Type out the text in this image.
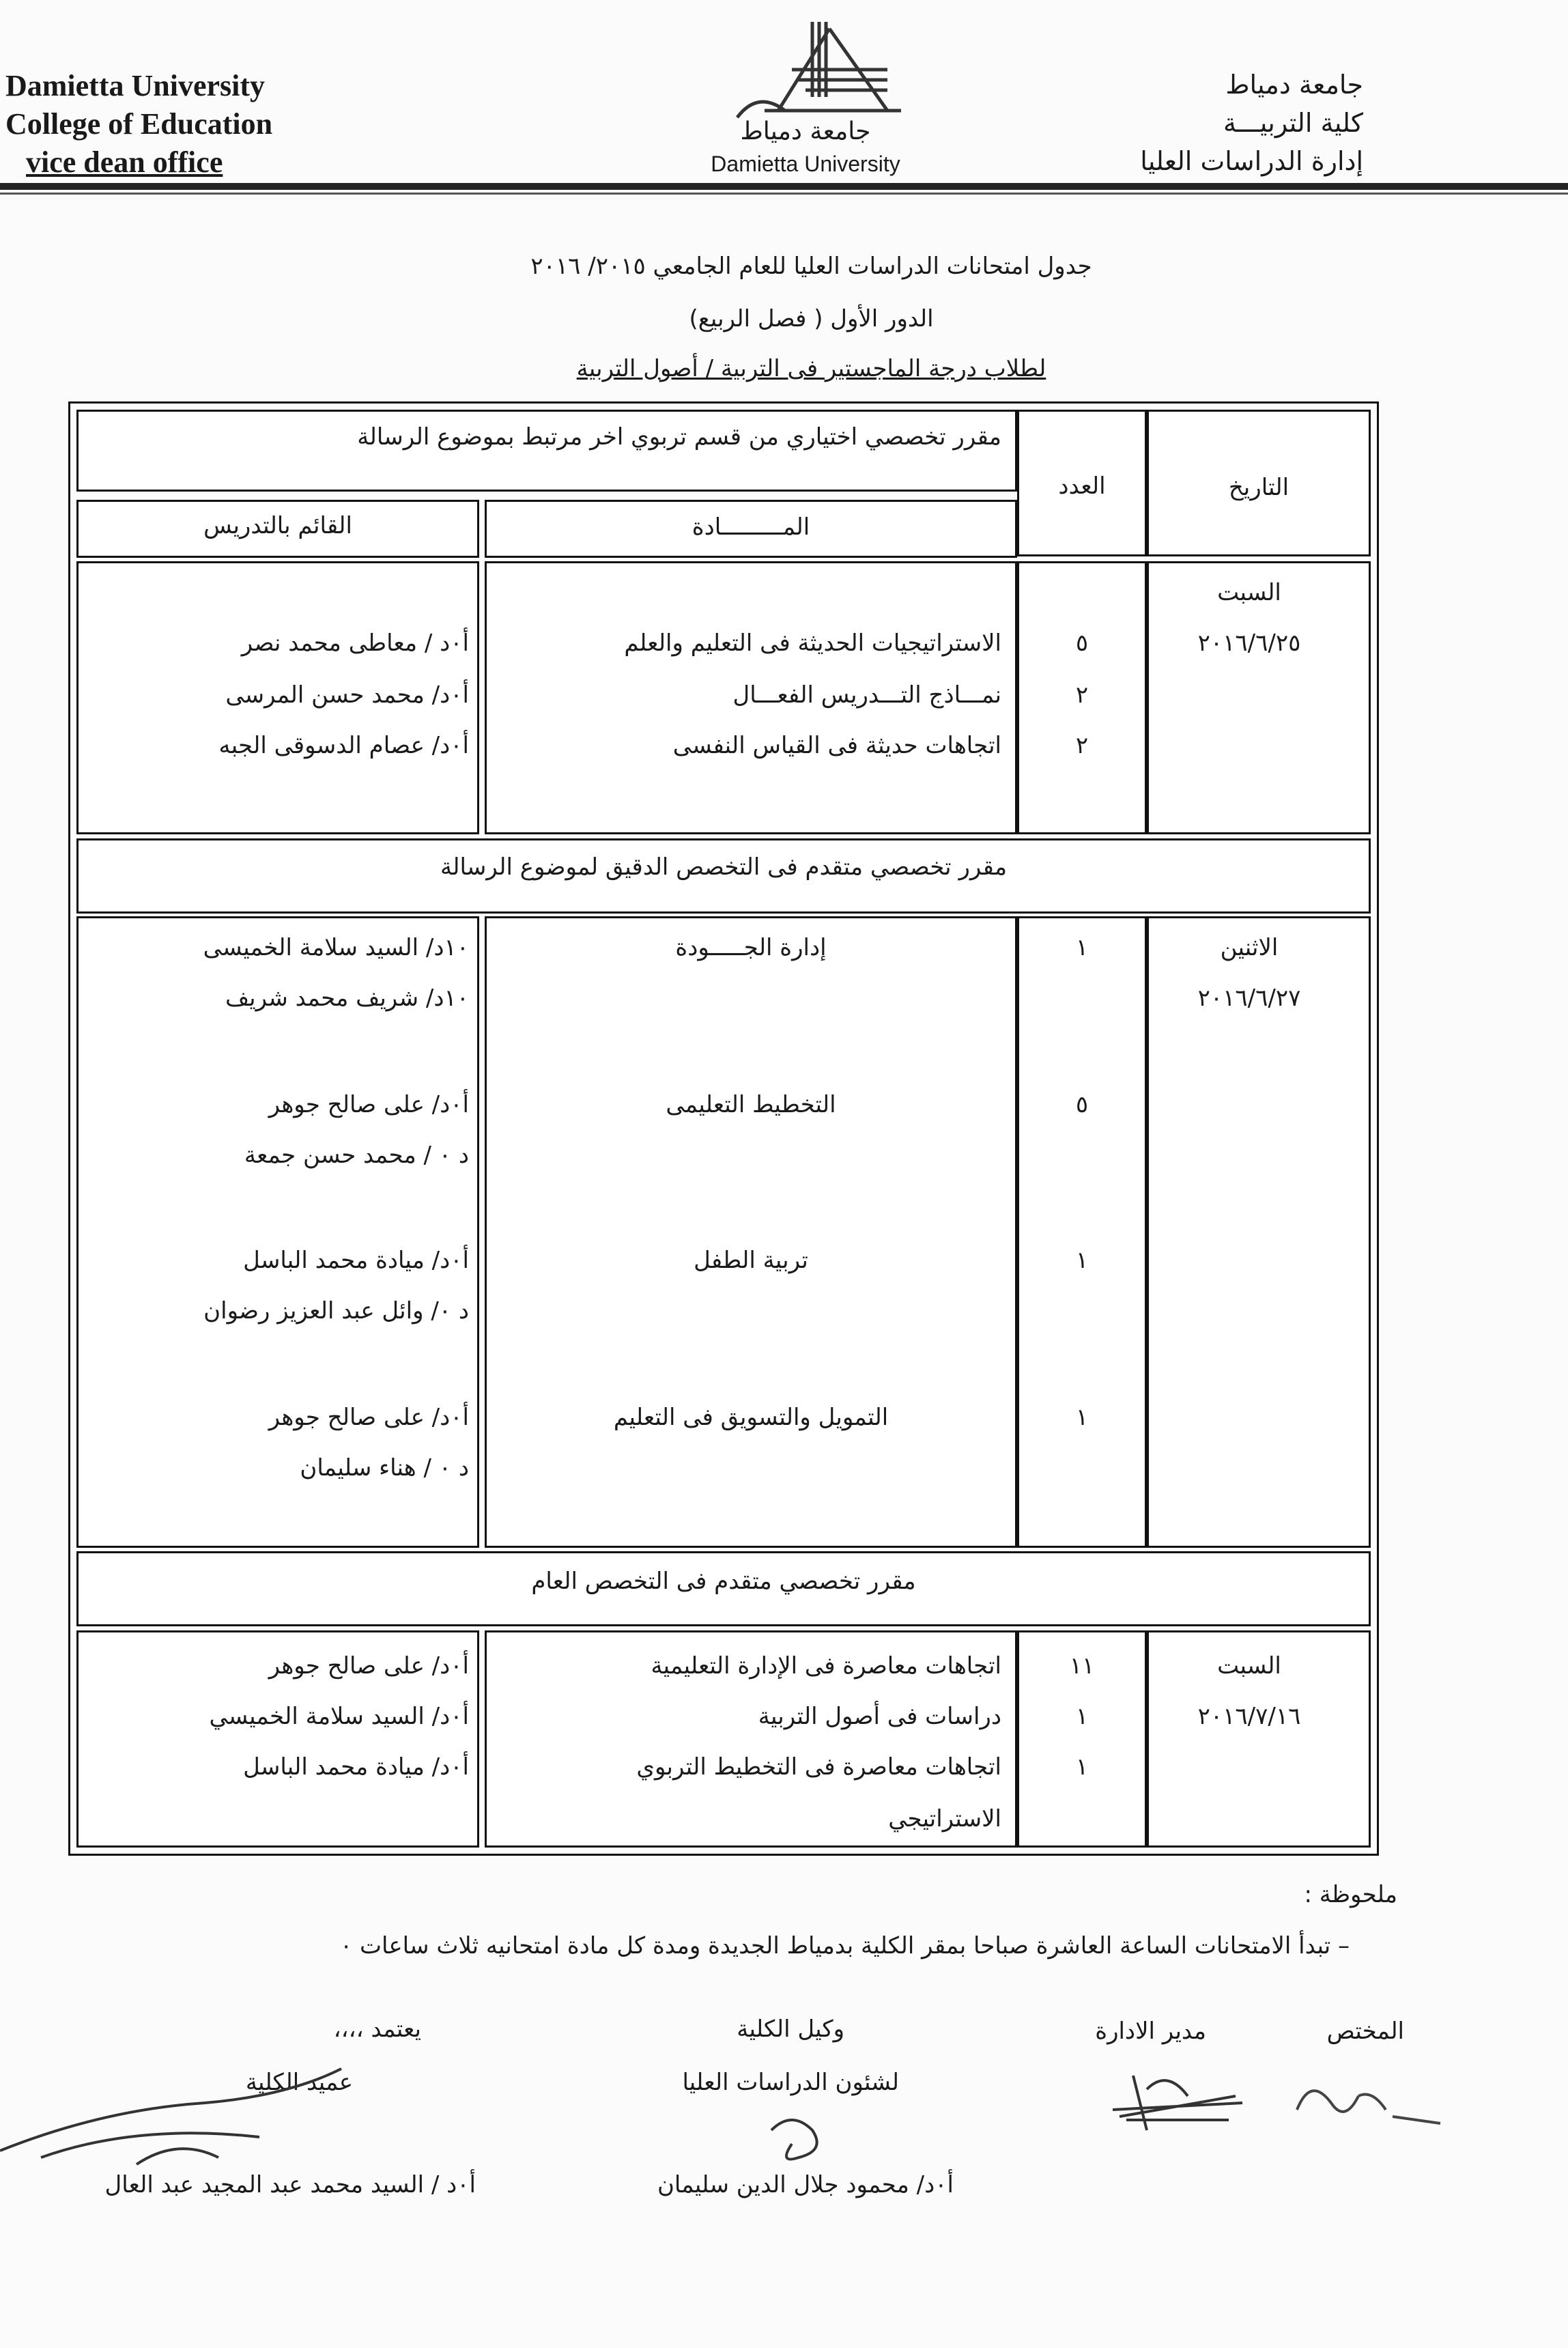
Damietta University
College of Education
vice dean office
جامعة دمياط
Damietta University
جامعة دمياط
كلية التربيـــة
إدارة الدراسات العليا
جدول امتحانات الدراسات العليا للعام الجامعي ٢٠١٥/ ٢٠١٦
الدور الأول ( فصل الربيع)
لطلاب درجة الماجستير فى التربية / أصول التربية
مقرر تخصصي اختياري من قسم تربوي اخر مرتبط بموضوع الرسالة
العدد	التاريخ
القائم بالتدريس	المـــــــــادة
السبت
٢٠١٦/٦/٢٥
٥
الاستراتيجيات الحديثة فى التعليم والعلم
أ٠د / معاطى محمد نصر
٢
نمـــاذج التـــدريس الفعـــال
أ٠د/ محمد حسن المرسى
٢
اتجاهات حديثة فى القياس النفسى
أ٠د/ عصام الدسوقى الجبه
مقرر تخصصي متقدم فى التخصص الدقيق لموضوع الرسالة
الاثنين
٢٠١٦/٦/٢٧
١
إدارة الجـــــودة
١٠د/ السيد سلامة الخميسى
١٠د/ شريف محمد شريف
٥
التخطيط التعليمى
أ٠د/ على صالح جوهر
د ٠ / محمد حسن جمعة
١
تربية الطفل
أ٠د/ ميادة محمد الباسل
د ٠/ وائل عبد العزيز رضوان
١
التمويل والتسويق فى التعليم
أ٠د/ على صالح جوهر
د ٠ / هناء سليمان
مقرر تخصصي متقدم فى التخصص العام
السبت
٢٠١٦/٧/١٦
١١
اتجاهات معاصرة فى الإدارة التعليمية
أ٠د/ على صالح جوهر
١
دراسات فى أصول التربية
أ٠د/ السيد سلامة الخميسي
١
اتجاهات معاصرة فى التخطيط التربوي
الاستراتيجي
أ٠د/ ميادة محمد الباسل
ملحوظة :
– تبدأ الامتحانات الساعة العاشرة صباحا بمقر الكلية بدمياط الجديدة ومدة كل مادة امتحانيه ثلاث ساعات ٠
المختص
مدير الادارة
وكيل الكلية
لشئون الدراسات العليا
أ٠د/ محمود جلال الدين سليمان
يعتمد ،،،،
عميد الكلية
أ٠د / السيد محمد عبد المجيد عبد العال
